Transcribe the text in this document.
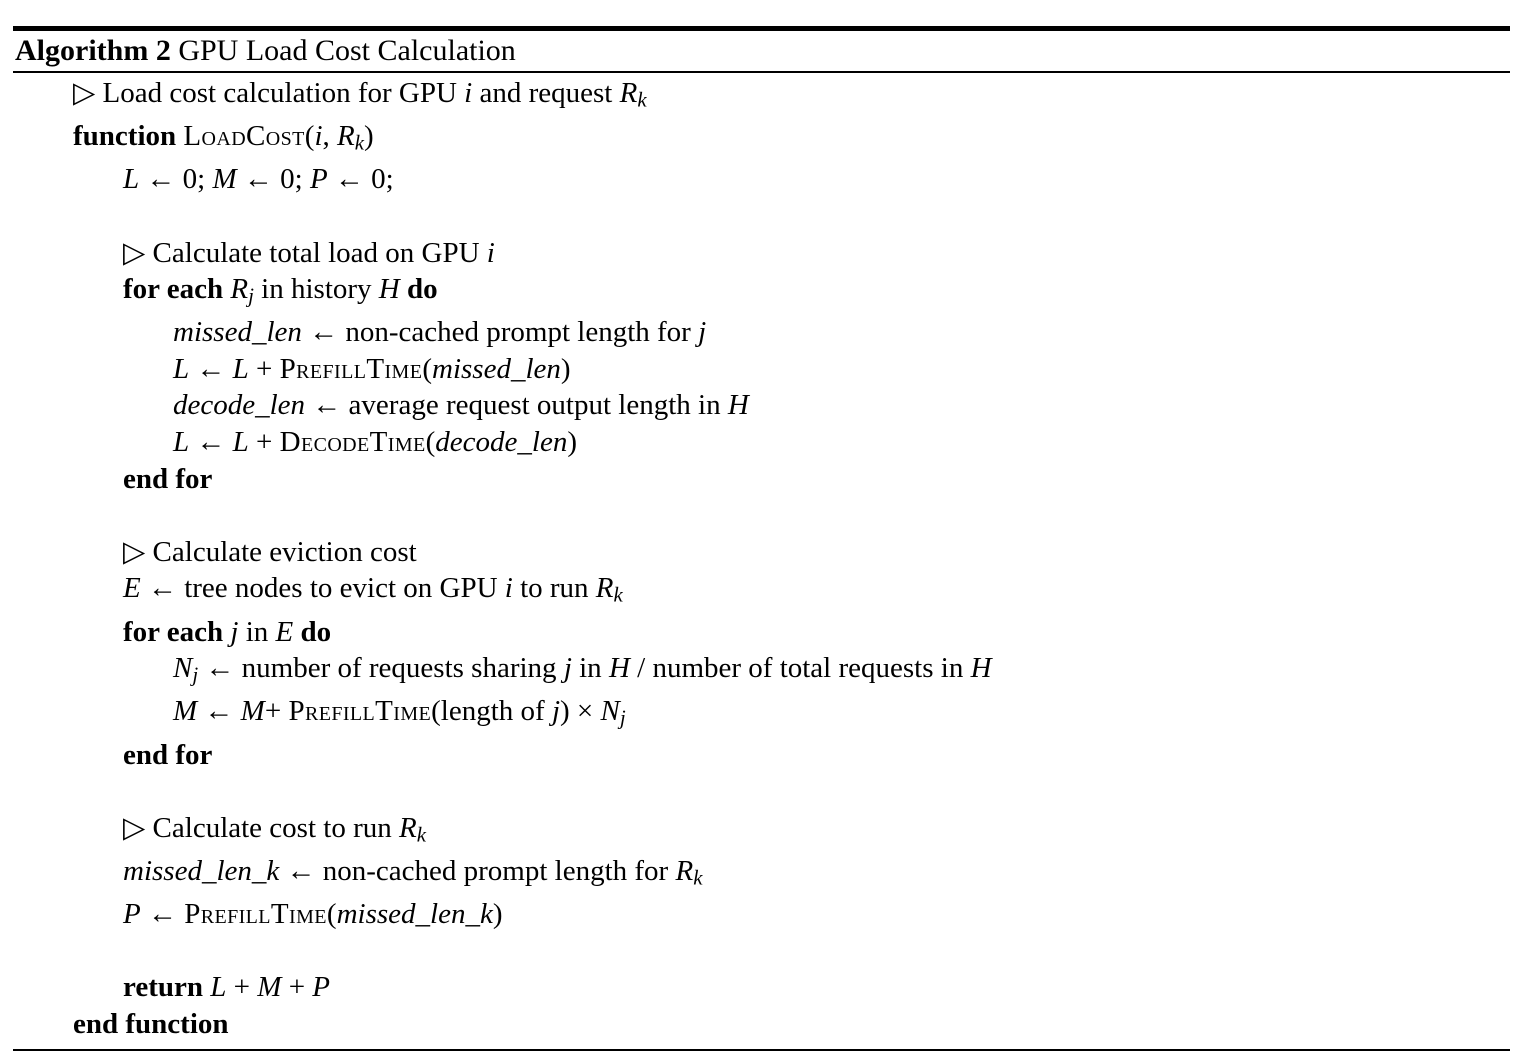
Algorithm 2 GPU Load Cost Calculation
▷ Load cost calculation for GPU i and request Rk
function LoadCost(i, Rk)
L ← 0; M ← 0; P ← 0;

▷ Calculate total load on GPU i
for each Rj in history H do
missed_len ← non-cached prompt length for j
L ← L + PrefillTime(missed_len)
decode_len ← average request output length in H
L ← L + DecodeTime(decode_len)
end for

▷ Calculate eviction cost
E ← tree nodes to evict on GPU i to run Rk
for each j in E do
Nj ← number of requests sharing j in H / number of total requests in H
M ← M+ PrefillTime(length of j) × Nj
end for

▷ Calculate cost to run Rk
missed_len_k ← non-cached prompt length for Rk
P ← PrefillTime(missed_len_k)

return L + M + P
end function
